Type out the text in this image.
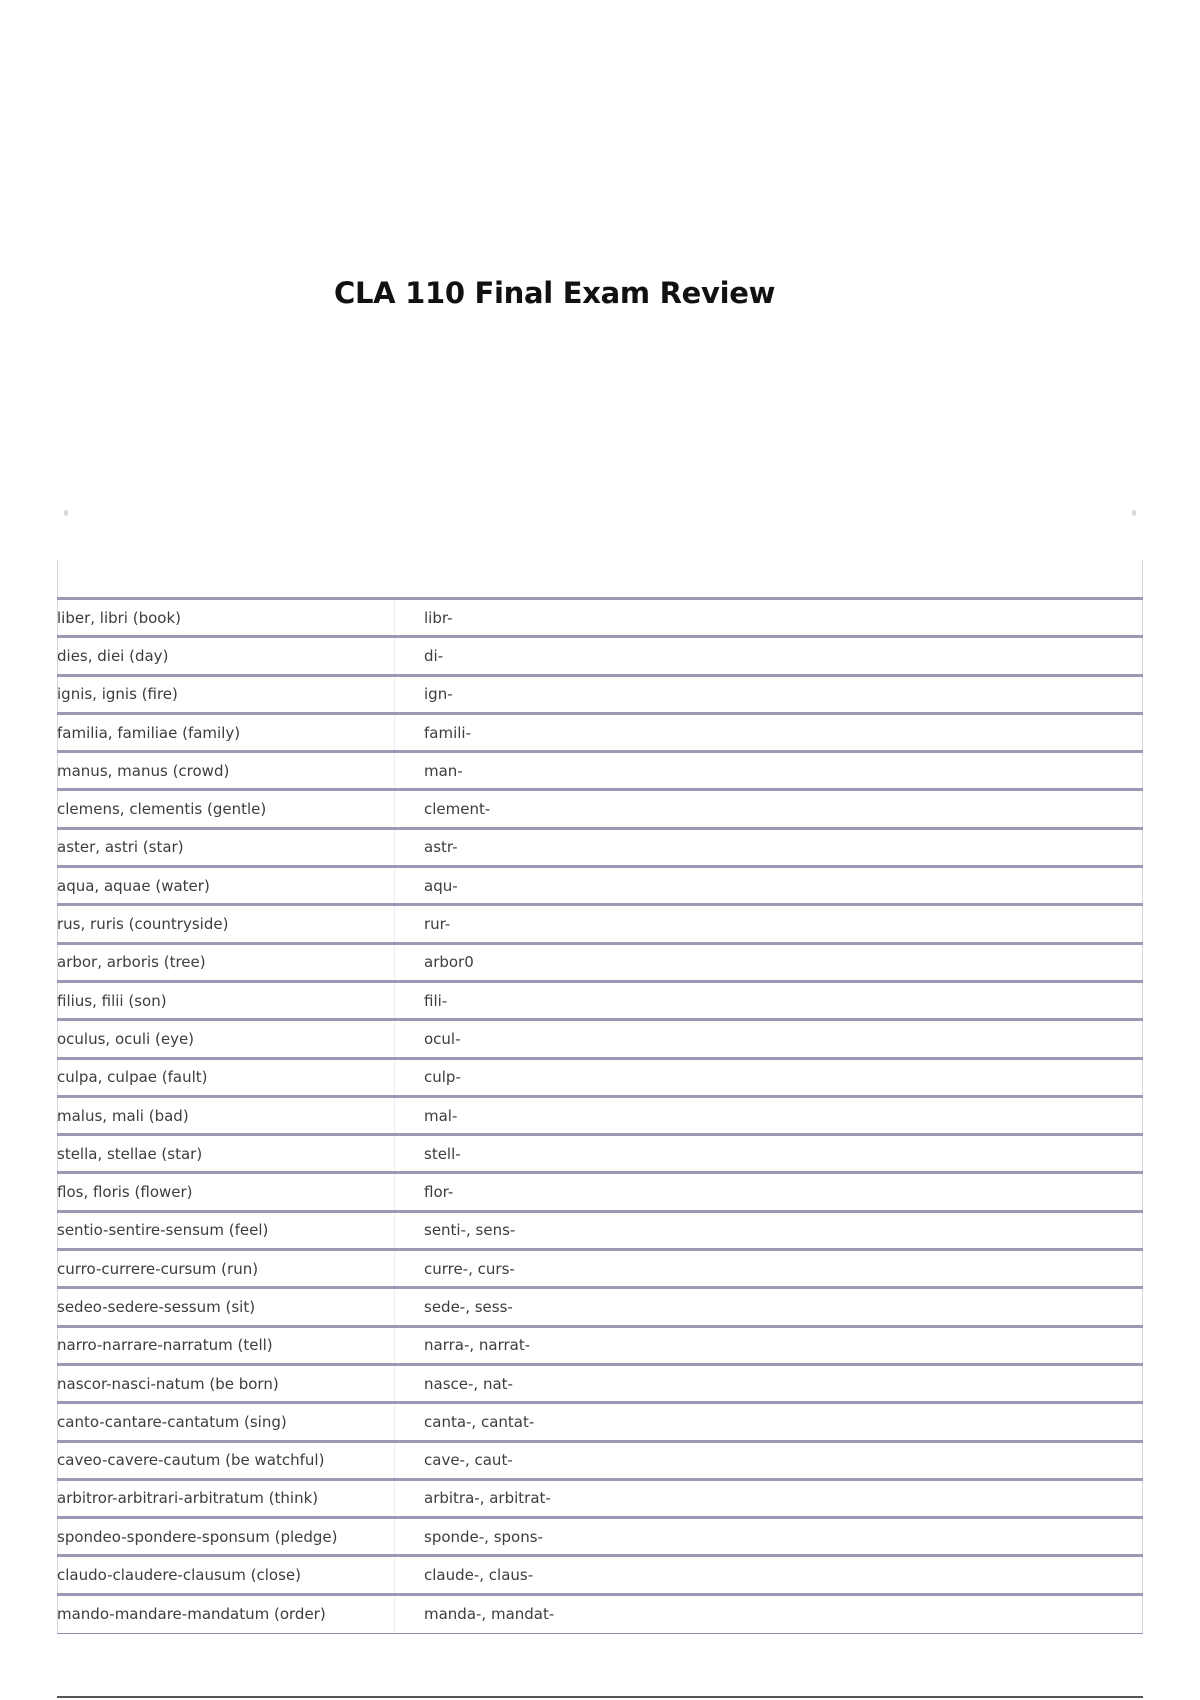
CLA 110 Final Exam Review
liber, libri (book)	libr-
dies, diei (day)	di-
ignis, ignis (fire)	ign-
familia, familiae (family)	famili-
manus, manus (crowd)	man-
clemens, clementis (gentle)	clement-
aster, astri (star)	astr-
aqua, aquae (water)	aqu-
rus, ruris (countryside)	rur-
arbor, arboris (tree)	arbor0
filius, filii (son)	fili-
oculus, oculi (eye)	ocul-
culpa, culpae (fault)	culp-
malus, mali (bad)	mal-
stella, stellae (star)	stell-
flos, floris (flower)	flor-
sentio-sentire-sensum (feel)	senti-, sens-
curro-currere-cursum (run)	curre-, curs-
sedeo-sedere-sessum (sit)	sede-, sess-
narro-narrare-narratum (tell)	narra-, narrat-
nascor-nasci-natum (be born)	nasce-, nat-
canto-cantare-cantatum (sing)	canta-, cantat-
caveo-cavere-cautum (be watchful)	cave-, caut-
arbitror-arbitrari-arbitratum (think)	arbitra-, arbitrat-
spondeo-spondere-sponsum (pledge)	sponde-, spons-
claudo-claudere-clausum (close)	claude-, claus-
mando-mandare-mandatum (order)	manda-, mandat-
